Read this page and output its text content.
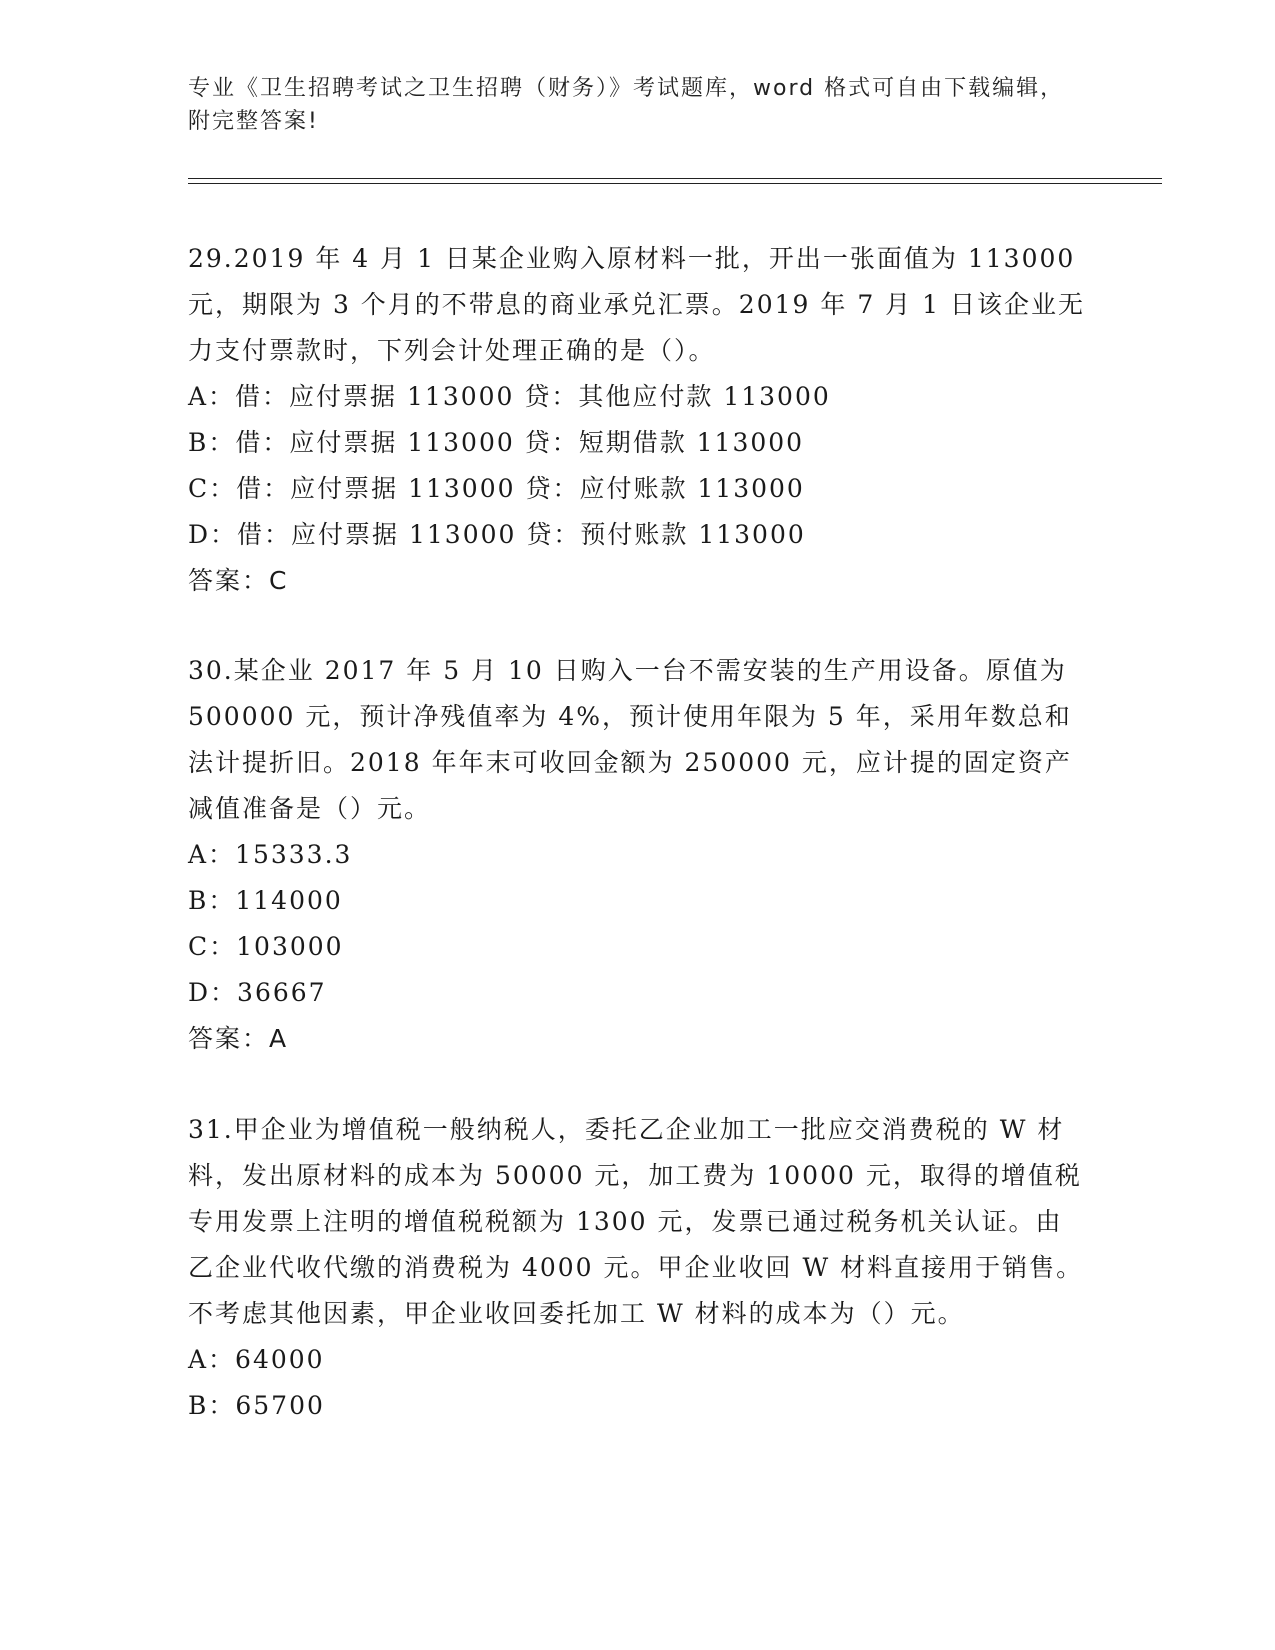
专业《卫生招聘考试之卫生招聘（财务）》考试题库，word 格式可自由下载编辑，附完整答案!

29.2019 年 4 月 1 日某企业购入原材料一批，开出一张面值为 113000 元，期限为 3 个月的不带息的商业承兑汇票。2019 年 7 月 1 日该企业无力支付票款时，下列会计处理正确的是（）。

A：借：应付票据 113000 贷：其他应付款 113000

B：借：应付票据 113000 贷：短期借款 113000

C：借：应付票据 113000 贷：应付账款 113000

D：借：应付票据 113000 贷：预付账款 113000

答案：C

30.某企业 2017 年 5 月 10 日购入一台不需安装的生产用设备。原值为 500000 元，预计净残值率为 4%，预计使用年限为 5 年，采用年数总和法计提折旧。2018 年年末可收回金额为 250000 元，应计提的固定资产减值准备是（）元。

A：15333.3

B：114000

C：103000

D：36667

答案：A

31.甲企业为增值税一般纳税人，委托乙企业加工一批应交消费税的 W 材料，发出原材料的成本为 50000 元，加工费为 10000 元，取得的增值税专用发票上注明的增值税税额为 1300 元，发票已通过税务机关认证。由乙企业代收代缴的消费税为 4000 元。甲企业收回 W 材料直接用于销售。不考虑其他因素，甲企业收回委托加工 W 材料的成本为（）元。

A：64000

B：65700
